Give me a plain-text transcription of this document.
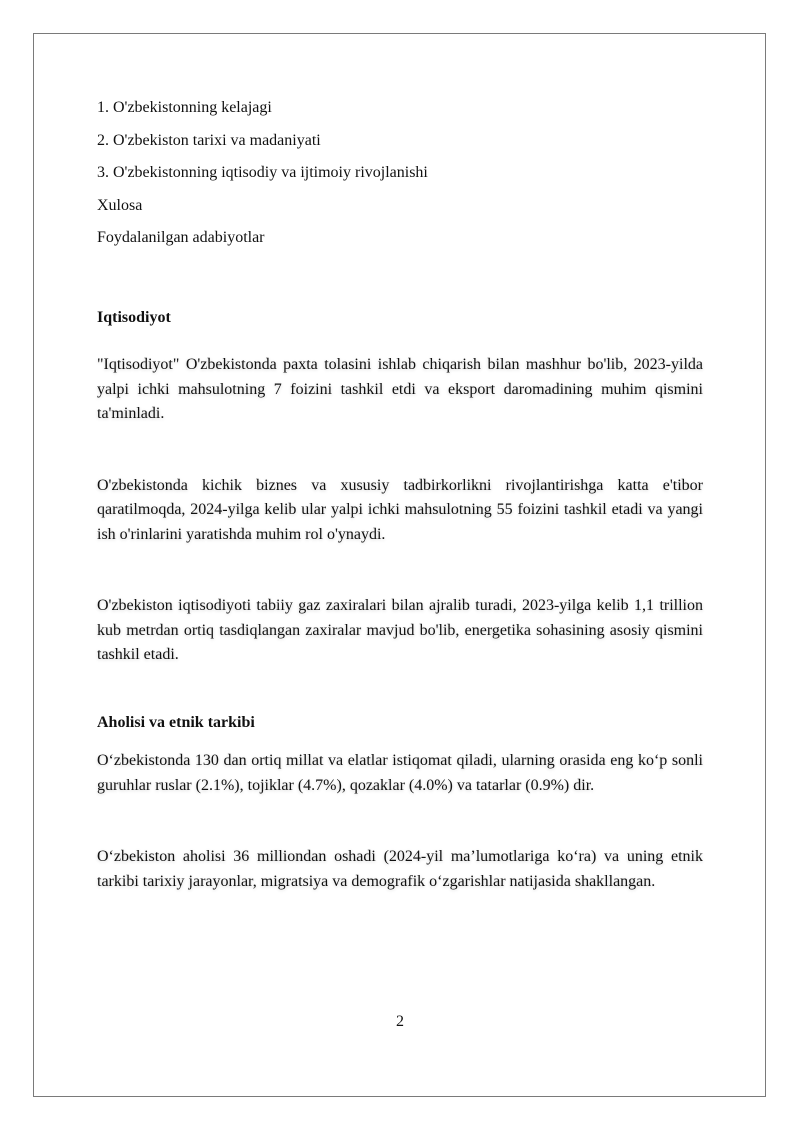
1. O'zbekistonning kelajagi

2. O'zbekiston tarixi va madaniyati

3. O'zbekistonning iqtisodiy va ijtimoiy rivojlanishi

Xulosa

Foydalanilgan adabiyotlar

Iqtisodiyot

"Iqtisodiyot" O'zbekistonda paxta tolasini ishlab chiqarish bilan mashhur bo'lib, 2023-yilda yalpi ichki mahsulotning 7 foizini tashkil etdi va eksport daromadining muhim qismini ta'minladi.

O'zbekistonda kichik biznes va xususiy tadbirkorlikni rivojlantirishga katta e'tibor qaratilmoqda, 2024-yilga kelib ular yalpi ichki mahsulotning 55 foizini tashkil etadi va yangi ish o'rinlarini yaratishda muhim rol o'ynaydi.

O'zbekiston iqtisodiyoti tabiiy gaz zaxiralari bilan ajralib turadi, 2023-yilga kelib 1,1 trillion kub metrdan ortiq tasdiqlangan zaxiralar mavjud bo'lib, energetika sohasining asosiy qismini tashkil etadi.

Aholisi va etnik tarkibi

O‘zbekistonda 130 dan ortiq millat va elatlar istiqomat qiladi, ularning orasida eng ko‘p sonli guruhlar ruslar (2.1%), tojiklar (4.7%), qozaklar (4.0%) va tatarlar (0.9%) dir.

O‘zbekiston aholisi 36 milliondan oshadi (2024-yil ma’lumotlariga ko‘ra) va uning etnik tarkibi tarixiy jarayonlar, migratsiya va demografik o‘zgarishlar natijasida shakllangan.

2
